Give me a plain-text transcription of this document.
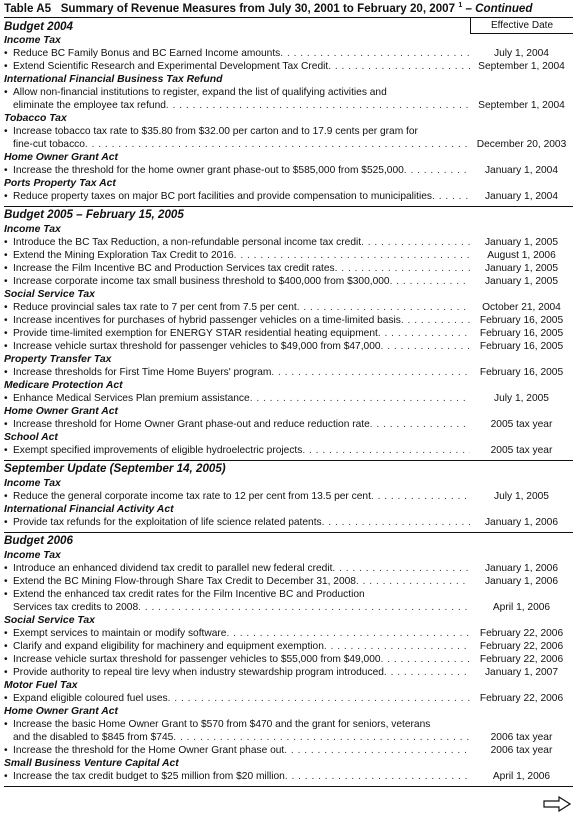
Table A5 Summary of Revenue Measures from July 30, 2001 to February 20, 2007 $^1$ – Continued
Budget 2004	Effective Date
Income Tax
• Reduce BC Family Bonus and BC Earned Income amounts . . .	July 1, 2004
• Extend Scientific Research and Experimental Development Tax Credit . . .	September 1, 2004
International Financial Business Tax Refund
• Allow non-financial institutions to register, expand the list of qualifying activities and
eliminate the employee tax refund . . .	September 1, 2004
Tobacco Tax
• Increase tobacco tax rate to $35.80 from $32.00 per carton and to 17.9 cents per gram for
fine-cut tobacco . . .	December 20, 2003
Home Owner Grant Act
• Increase the threshold for the home owner grant phase-out to $585,000 from $525,000 . . .	January 1, 2004
Ports Property Tax Act
• Reduce property taxes on major BC port facilities and provide compensation to municipalities . . .	January 1, 2004
Budget 2005 – February 15, 2005
Income Tax
• Introduce the BC Tax Reduction, a non-refundable personal income tax credit . . .	January 1, 2005
• Extend the Mining Exploration Tax Credit to 2016 . . .	August 1, 2006
• Increase the Film Incentive BC and Production Services tax credit rates . . .	January 1, 2005
• Increase corporate income tax small business threshold to $400,000 from $300,000 . . .	January 1, 2005
Social Service Tax
• Reduce provincial sales tax rate to 7 per cent from 7.5 per cent . . .	October 21, 2004
• Increase incentives for purchases of hybrid passenger vehicles on a time-limited basis . . .	February 16, 2005
• Provide time-limited exemption for ENERGY STAR residential heating equipment . . .	February 16, 2005
• Increase vehicle surtax threshold for passenger vehicles to $49,000 from $47,000 . . .	February 16, 2005
Property Transfer Tax
• Increase thresholds for First Time Home Buyers' program . . .	February 16, 2005
Medicare Protection Act
• Enhance Medical Services Plan premium assistance . . .	July 1, 2005
Home Owner Grant Act
• Increase threshold for Home Owner Grant phase-out and reduce reduction rate . . .	2005 tax year
School Act
• Exempt specified improvements of eligible hydroelectric projects . . .	2005 tax year
September Update (September 14, 2005)
Income Tax
• Reduce the general corporate income tax rate to 12 per cent from 13.5 per cent . . .	July 1, 2005
International Financial Activity Act
• Provide tax refunds for the exploitation of life science related patents . . .	January 1, 2006
Budget 2006
Income Tax
• Introduce an enhanced dividend tax credit to parallel new federal credit . . .	January 1, 2006
• Extend the BC Mining Flow-through Share Tax Credit to December 31, 2008 . . .	January 1, 2006
• Extend the enhanced tax credit rates for the Film Incentive BC and Production
Services tax credits to 2008 . . .	April 1, 2006
Social Service Tax
• Exempt services to maintain or modify software . . .	February 22, 2006
• Clarify and expand eligibility for machinery and equipment exemption . . .	February 22, 2006
• Increase vehicle surtax threshold for passenger vehicles to $55,000 from $49,000 . . .	February 22, 2006
• Provide authority to repeal tire levy when industry stewardship program introduced . . .	January 1, 2007
Motor Fuel Tax
• Expand eligible coloured fuel uses . . .	February 22, 2006
Home Owner Grant Act
• Increase the basic Home Owner Grant to $570 from $470 and the grant for seniors, veterans
and the disabled to $845 from $745 . . .	2006 tax year
• Increase the threshold for the Home Owner Grant phase out . . .	2006 tax year
Small Business Venture Capital Act
• Increase the tax credit budget to $25 million from $20 million . . .	April 1, 2006
